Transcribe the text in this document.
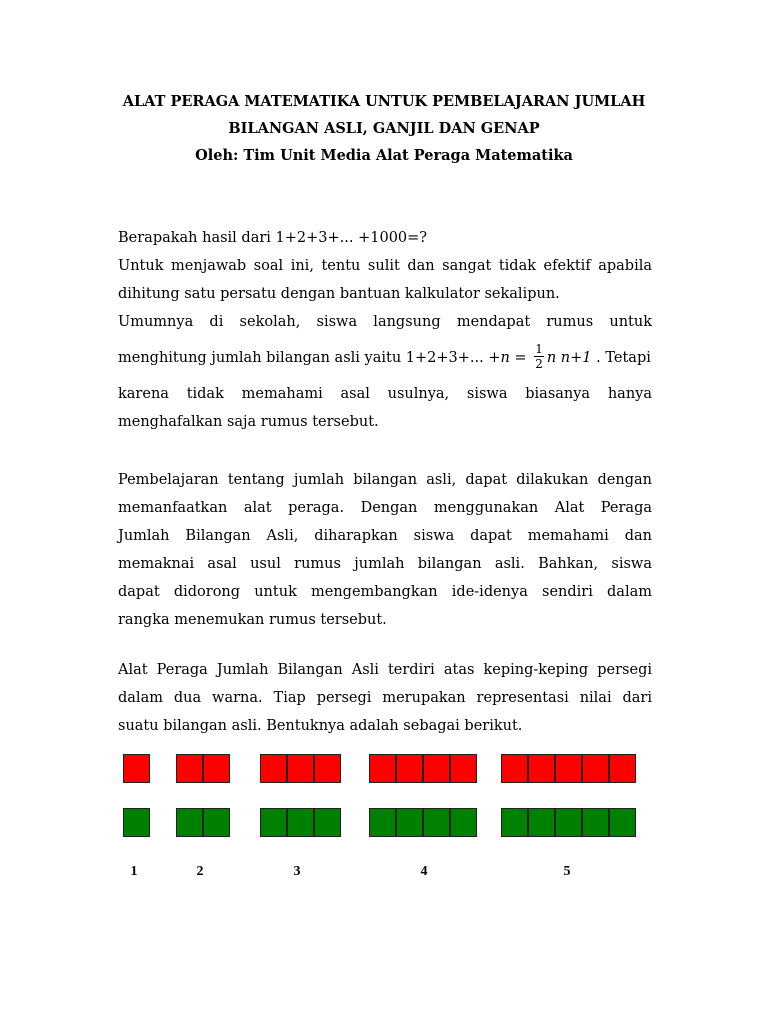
ALAT PERAGA MATEMATIKA UNTUK PEMBELAJARAN JUMLAH
BILANGAN ASLI, GANJIL DAN GENAP
Oleh: Tim Unit Media Alat Peraga Matematika
Berapakah hasil dari 1+2+3+... +1000=?
Untuk menjawab soal ini, tentu sulit dan sangat tidak efektif apabila
dihitung satu persatu dengan bantuan kalkulator sekalipun.
Umumnya di sekolah, siswa langsung mendapat rumus untuk
menghitung jumlah bilangan asli yaitu 1+2+3+... $+n = \frac{1}{2}$ n n+1 . Tetapi
karena tidak memahami asal usulnya, siswa biasanya hanya
menghafalkan saja rumus tersebut.
Pembelajaran tentang jumlah bilangan asli, dapat dilakukan dengan
memanfaatkan alat peraga. Dengan menggunakan Alat Peraga
Jumlah Bilangan Asli, diharapkan siswa dapat memahami dan
memaknai asal usul rumus jumlah bilangan asli. Bahkan, siswa
dapat didorong untuk mengembangkan ide-idenya sendiri dalam
rangka menemukan rumus tersebut.
Alat Peraga Jumlah Bilangan Asli terdiri atas keping-keping persegi
dalam dua warna. Tiap persegi merupakan representasi nilai dari
suatu bilangan asli. Bentuknya adalah sebagai berikut.
1	2	3	4	5
